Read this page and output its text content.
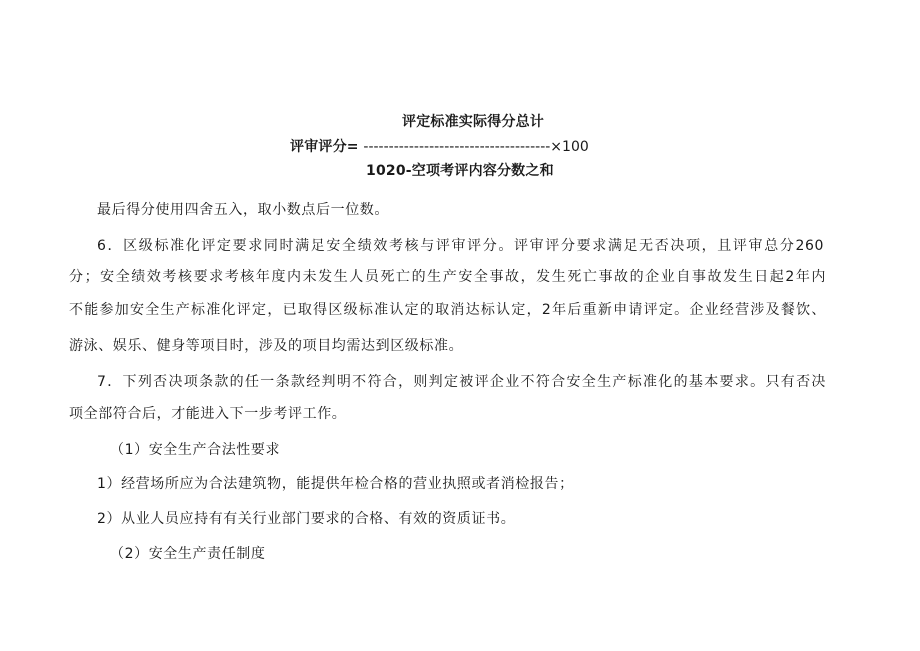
评定标准实际得分总计
评审评分= -------------------------------------×100
1020-空项考评内容分数之和
最后得分使用四舍五入，取小数点后一位数。
6．区级标准化评定要求同时满足安全绩效考核与评审评分。评审评分要求满足无否决项，且评审总分260
分；安全绩效考核要求考核年度内未发生人员死亡的生产安全事故，发生死亡事故的企业自事故发生日起2年内
不能参加安全生产标准化评定，已取得区级标准认定的取消达标认定，2年后重新申请评定。企业经营涉及餐饮、
游泳、娱乐、健身等项目时，涉及的项目均需达到区级标准。
7．下列否决项条款的任一条款经判明不符合，则判定被评企业不符合安全生产标准化的基本要求。只有否决
项全部符合后，才能进入下一步考评工作。
（1）安全生产合法性要求
1）经营场所应为合法建筑物，能提供年检合格的营业执照或者消检报告；
2）从业人员应持有有关行业部门要求的合格、有效的资质证书。
（2）安全生产责任制度
